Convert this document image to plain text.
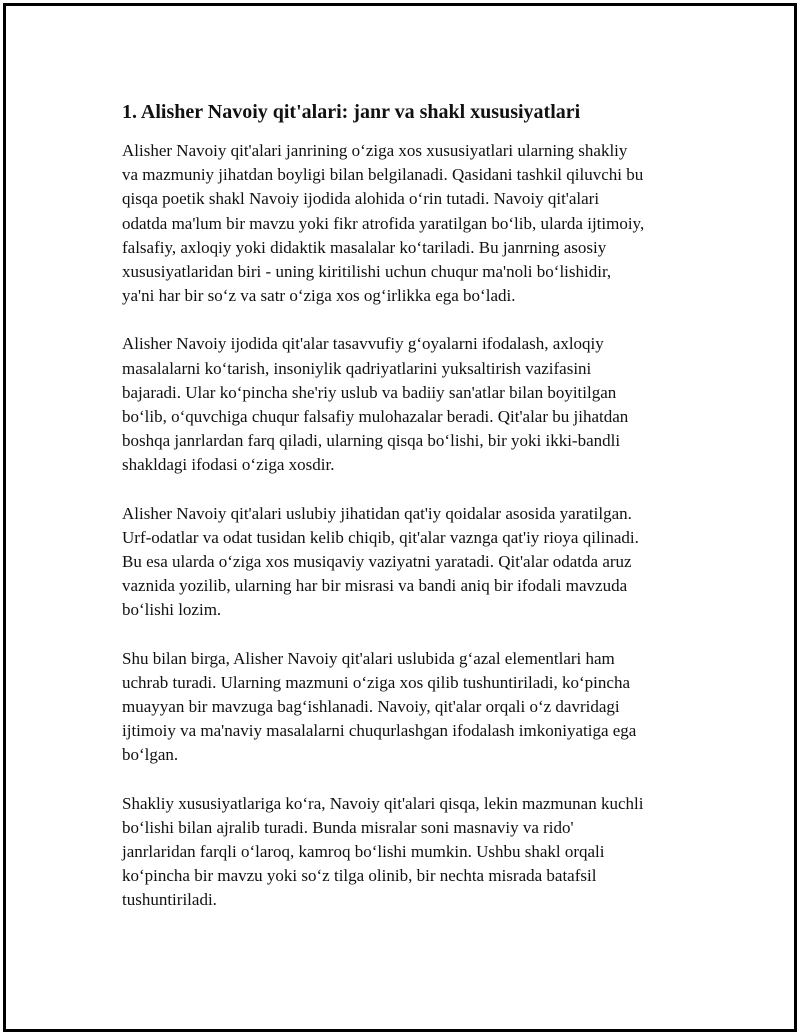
1. Alisher Navoiy qit'alari: janr va shakl xususiyatlari

Alisher Navoiy qit'alari janrining o‘ziga xos xususiyatlari ularning shakliy
va mazmuniy jihatdan boyligi bilan belgilanadi. Qasidani tashkil qiluvchi bu
qisqa poetik shakl Navoiy ijodida alohida o‘rin tutadi. Navoiy qit'alari
odatda ma'lum bir mavzu yoki fikr atrofida yaratilgan bo‘lib, ularda ijtimoiy,
falsafiy, axloqiy yoki didaktik masalalar ko‘tariladi. Bu janrning asosiy
xususiyatlaridan biri - uning kiritilishi uchun chuqur ma'noli bo‘lishidir,
ya'ni har bir so‘z va satr o‘ziga xos og‘irlikka ega bo‘ladi.

Alisher Navoiy ijodida qit'alar tasavvufiy g‘oyalarni ifodalash, axloqiy
masalalarni ko‘tarish, insoniylik qadriyatlarini yuksaltirish vazifasini
bajaradi. Ular ko‘pincha she'riy uslub va badiiy san'atlar bilan boyitilgan
bo‘lib, o‘quvchiga chuqur falsafiy mulohazalar beradi. Qit'alar bu jihatdan
boshqa janrlardan farq qiladi, ularning qisqa bo‘lishi, bir yoki ikki-bandli
shakldagi ifodasi o‘ziga xosdir.

Alisher Navoiy qit'alari uslubiy jihatidan qat'iy qoidalar asosida yaratilgan.
Urf-odatlar va odat tusidan kelib chiqib, qit'alar vaznga qat'iy rioya qilinadi.
Bu esa ularda o‘ziga xos musiqaviy vaziyatni yaratadi. Qit'alar odatda aruz
vaznida yozilib, ularning har bir misrasi va bandi aniq bir ifodali mavzuda
bo‘lishi lozim.

Shu bilan birga, Alisher Navoiy qit'alari uslubida g‘azal elementlari ham
uchrab turadi. Ularning mazmuni o‘ziga xos qilib tushuntiriladi, ko‘pincha
muayyan bir mavzuga bag‘ishlanadi. Navoiy, qit'alar orqali o‘z davridagi
ijtimoiy va ma'naviy masalalarni chuqurlashgan ifodalash imkoniyatiga ega
bo‘lgan.

Shakliy xususiyatlariga ko‘ra, Navoiy qit'alari qisqa, lekin mazmunan kuchli
bo‘lishi bilan ajralib turadi. Bunda misralar soni masnaviy va rido'
janrlaridan farqli o‘laroq, kamroq bo‘lishi mumkin. Ushbu shakl orqali
ko‘pincha bir mavzu yoki so‘z tilga olinib, bir nechta misrada batafsil
tushuntiriladi.
